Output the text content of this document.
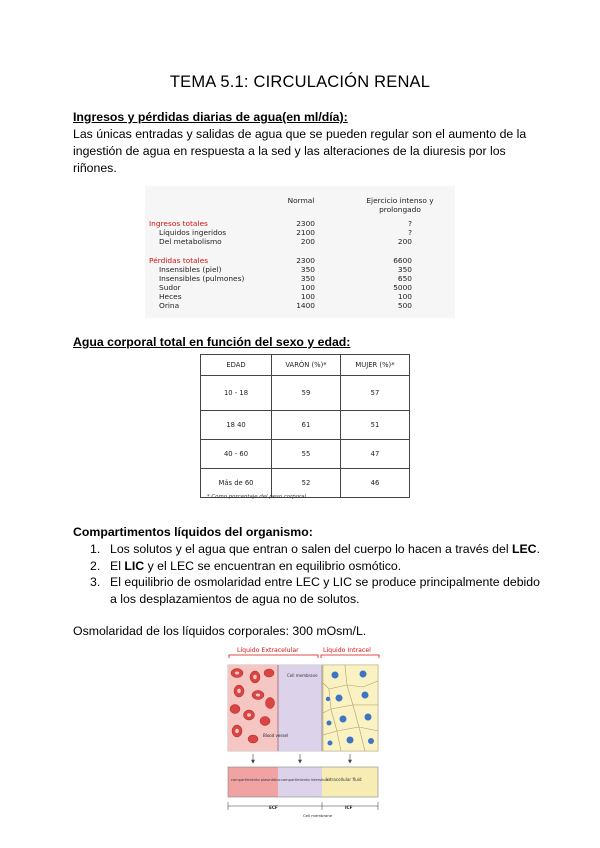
TEMA 5.1: CIRCULACIÓN RENAL

Ingresos y pérdidas diarias de agua(en ml/día):

Las únicas entradas y salidas de agua que se pueden regular son el aumento de la ingestión de agua en respuesta a la sed y las alteraciones de la diuresis por los riñones.

Normal	Ejercicio intenso y prolongado
Ingresos totales	2300	?
Líquidos ingeridos	2100	?
Del metabolismo	200	200
Pérdidas totales	2300	6600
Insensibles (piel)	350	350
Insensibles (pulmones)	350	650
Sudor	100	5000
Heces	100	100
Orina	1400	500

Agua corporal total en función del sexo y edad:

EDAD	VARÓN (%)*	MUJER (%)*
10 - 18	59	57
18 40	61	51
40 - 60	55	47
Más de 60	52	46
* Como porcentaje del peso corporal

Compartimentos líquidos del organismo:

1. Los solutos y el agua que entran o salen del cuerpo lo hacen a través del LEC.
2. El LIC y el LEC se encuentran en equilibrio osmótico.
3. El equilibrio de osmolaridad entre LEC y LIC se produce principalmente debido a los desplazamientos de agua no de solutos.

Osmolaridad de los líquidos corporales: 300 mOsm/L.

Líquido Extracelular	Líquido Intracel
Blood vessel
Cell membrane
compartimiento plasmático compartimiento intersticial
Intracellular fluid
ECF	ICF
Cell membrane
